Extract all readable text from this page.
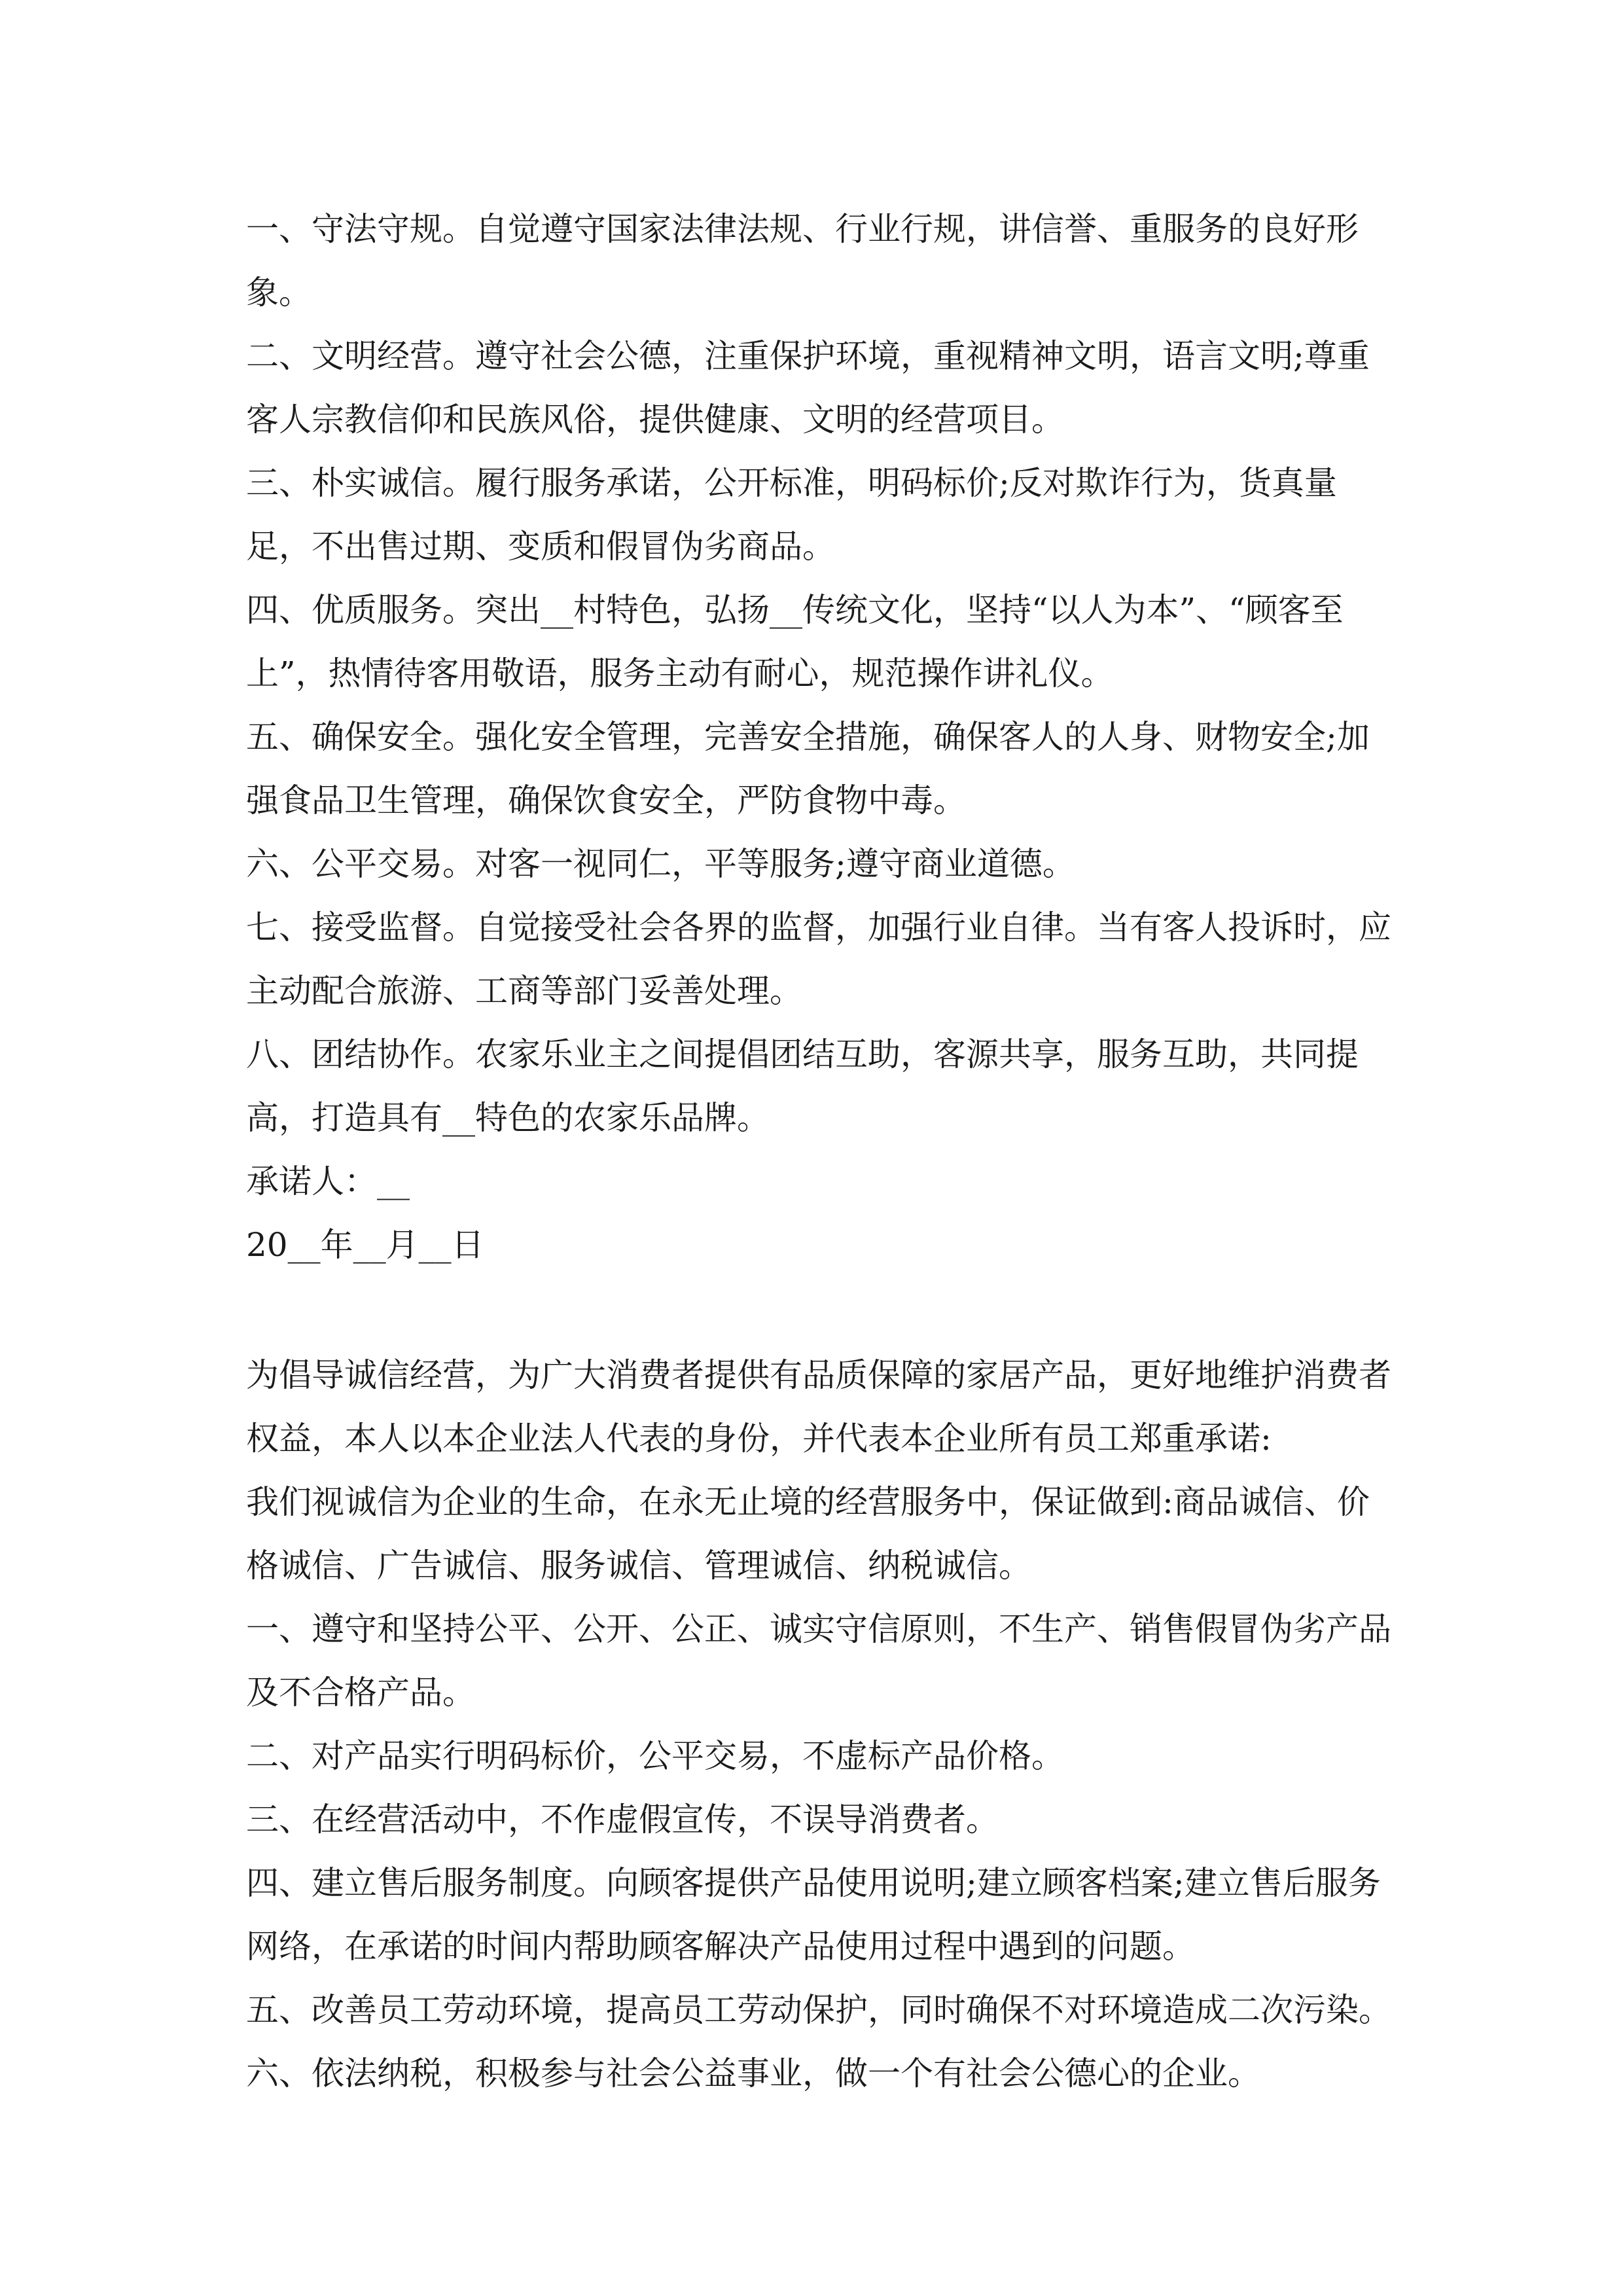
一、守法守规。自觉遵守国家法律法规、行业行规，讲信誉、重服务的良好形象。

二、文明经营。遵守社会公德，注重保护环境，重视精神文明，语言文明;尊重客人宗教信仰和民族风俗，提供健康、文明的经营项目。

三、朴实诚信。履行服务承诺，公开标准，明码标价;反对欺诈行为，货真量足，不出售过期、变质和假冒伪劣商品。

四、优质服务。突出__村特色，弘扬__传统文化，坚持“以人为本”、“顾客至上”，热情待客用敬语，服务主动有耐心，规范操作讲礼仪。

五、确保安全。强化安全管理，完善安全措施，确保客人的人身、财物安全;加强食品卫生管理，确保饮食安全，严防食物中毒。

六、公平交易。对客一视同仁，平等服务;遵守商业道德。

七、接受监督。自觉接受社会各界的监督，加强行业自律。当有客人投诉时，应主动配合旅游、工商等部门妥善处理。

八、团结协作。农家乐业主之间提倡团结互助，客源共享，服务互助，共同提高，打造具有__特色的农家乐品牌。

承诺人：__

20__年__月__日

为倡导诚信经营，为广大消费者提供有品质保障的家居产品，更好地维护消费者权益，本人以本企业法人代表的身份，并代表本企业所有员工郑重承诺:

我们视诚信为企业的生命，在永无止境的经营服务中，保证做到:商品诚信、价格诚信、广告诚信、服务诚信、管理诚信、纳税诚信。

一、遵守和坚持公平、公开、公正、诚实守信原则，不生产、销售假冒伪劣产品及不合格产品。

二、对产品实行明码标价，公平交易，不虚标产品价格。

三、在经营活动中，不作虚假宣传，不误导消费者。

四、建立售后服务制度。向顾客提供产品使用说明;建立顾客档案;建立售后服务网络，在承诺的时间内帮助顾客解决产品使用过程中遇到的问题。

五、改善员工劳动环境，提高员工劳动保护，同时确保不对环境造成二次污染。

六、依法纳税，积极参与社会公益事业，做一个有社会公德心的企业。
